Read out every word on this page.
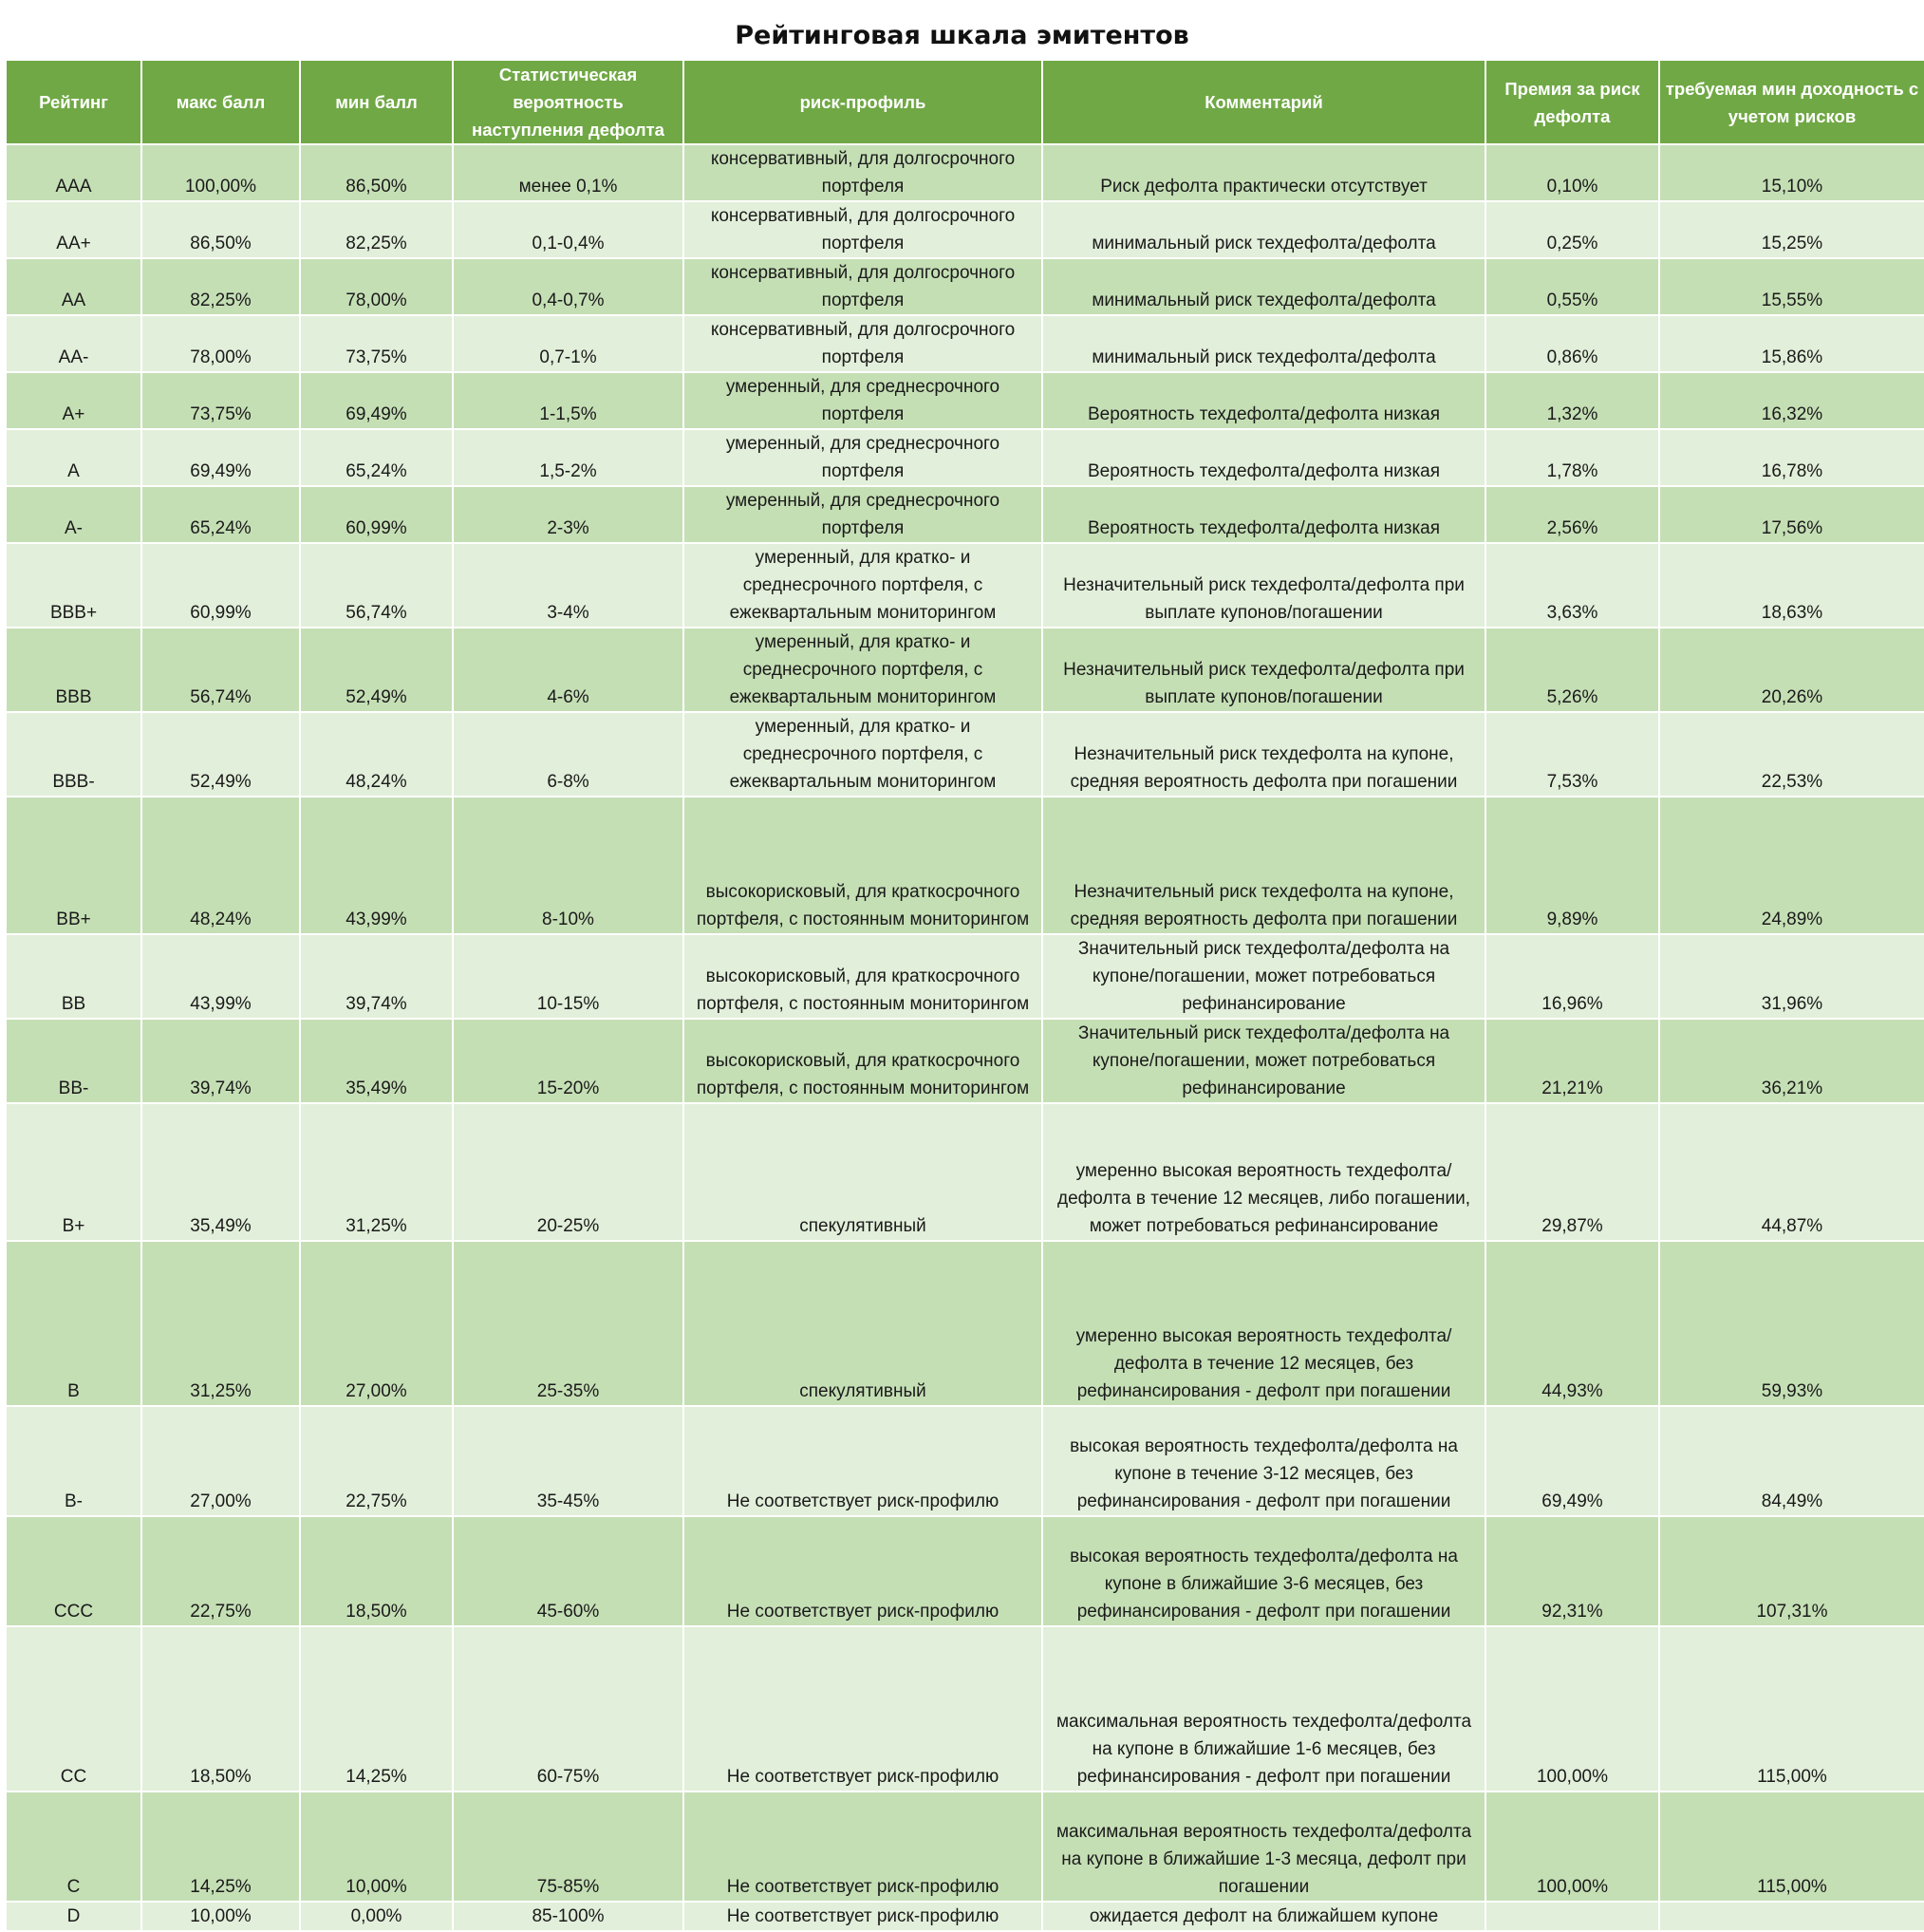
Рейтинговая шкала эмитентов
Рейтинг	макс балл	мин балл	Статистическая вероятность наступления дефолта	риск-профиль	Комментарий	Премия за риск дефолта	требуемая мин доходность с учетом рисков
AAA	100,00%	86,50%	менее 0,1%	консервативный, для долгосрочного портфеля	Риск дефолта практически отсутствует	0,10%	15,10%
AA+	86,50%	82,25%	0,1-0,4%	консервативный, для долгосрочного портфеля	минимальный риск техдефолта/дефолта	0,25%	15,25%
AA	82,25%	78,00%	0,4-0,7%	консервативный, для долгосрочного портфеля	минимальный риск техдефолта/дефолта	0,55%	15,55%
AA-	78,00%	73,75%	0,7-1%	консервативный, для долгосрочного портфеля	минимальный риск техдефолта/дефолта	0,86%	15,86%
A+	73,75%	69,49%	1-1,5%	умеренный, для среднесрочного портфеля	Вероятность техдефолта/дефолта низкая	1,32%	16,32%
A	69,49%	65,24%	1,5-2%	умеренный, для среднесрочного портфеля	Вероятность техдефолта/дефолта низкая	1,78%	16,78%
A-	65,24%	60,99%	2-3%	умеренный, для среднесрочного портфеля	Вероятность техдефолта/дефолта низкая	2,56%	17,56%
BBB+	60,99%	56,74%	3-4%	умеренный, для кратко- и среднесрочного портфеля, с ежеквартальным мониторингом	Незначительный риск техдефолта/дефолта при выплате купонов/погашении	3,63%	18,63%
BBB	56,74%	52,49%	4-6%	умеренный, для кратко- и среднесрочного портфеля, с ежеквартальным мониторингом	Незначительный риск техдефолта/дефолта при выплате купонов/погашении	5,26%	20,26%
BBB-	52,49%	48,24%	6-8%	умеренный, для кратко- и среднесрочного портфеля, с ежеквартальным мониторингом	Незначительный риск техдефолта на купоне, средняя вероятность дефолта при погашении	7,53%	22,53%
BB+	48,24%	43,99%	8-10%	высокорисковый, для краткосрочного портфеля, с постоянным мониторингом	Незначительный риск техдефолта на купоне, средняя вероятность дефолта при погашении	9,89%	24,89%
BB	43,99%	39,74%	10-15%	высокорисковый, для краткосрочного портфеля, с постоянным мониторингом	Значительный риск техдефолта/дефолта на купоне/погашении, может потребоваться рефинансирование	16,96%	31,96%
BB-	39,74%	35,49%	15-20%	высокорисковый, для краткосрочного портфеля, с постоянным мониторингом	Значительный риск техдефолта/дефолта на купоне/погашении, может потребоваться рефинансирование	21,21%	36,21%
B+	35,49%	31,25%	20-25%	спекулятивный	умеренно высокая вероятность техдефолта/дефолта в течение 12 месяцев, либо погашении, может потребоваться рефинансирование	29,87%	44,87%
B	31,25%	27,00%	25-35%	спекулятивный	умеренно высокая вероятность техдефолта/дефолта в течение 12 месяцев, без рефинансирования - дефолт при погашении	44,93%	59,93%
B-	27,00%	22,75%	35-45%	Не соответствует риск-профилю	высокая вероятность техдефолта/дефолта на купоне в течение 3-12 месяцев, без рефинансирования - дефолт при погашении	69,49%	84,49%
CCC	22,75%	18,50%	45-60%	Не соответствует риск-профилю	высокая вероятность техдефолта/дефолта на купоне в ближайшие 3-6 месяцев, без рефинансирования - дефолт при погашении	92,31%	107,31%
CC	18,50%	14,25%	60-75%	Не соответствует риск-профилю	максимальная вероятность техдефолта/дефолта на купоне в ближайшие 1-6 месяцев, без рефинансирования - дефолт при погашении	100,00%	115,00%
C	14,25%	10,00%	75-85%	Не соответствует риск-профилю	максимальная вероятность техдефолта/дефолта на купоне в ближайшие 1-3 месяца, дефолт при погашении	100,00%	115,00%
D	10,00%	0,00%	85-100%	Не соответствует риск-профилю	ожидается дефолт на ближайшем купоне		
